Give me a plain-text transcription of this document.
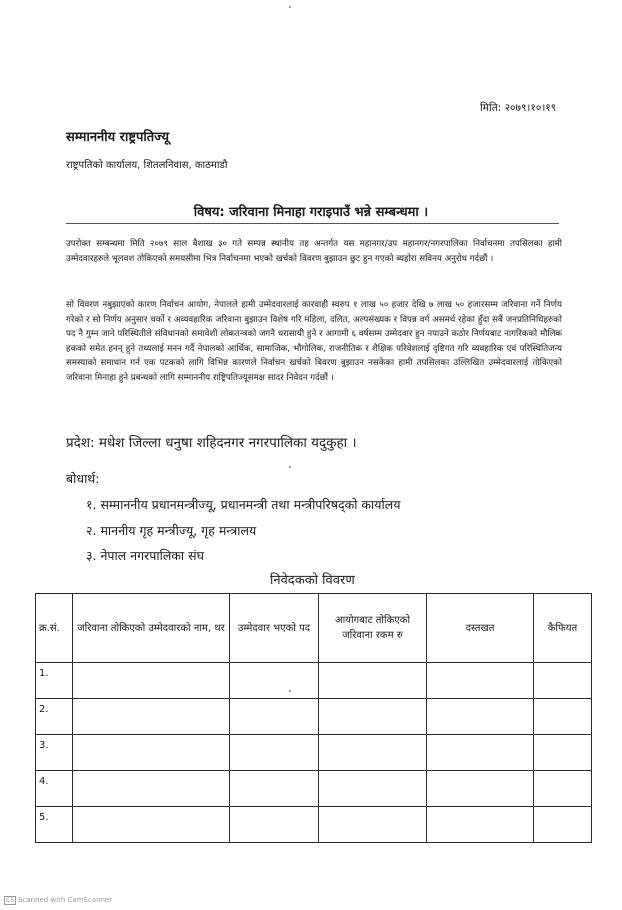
मिति: २०७९।१०।१९
सम्माननीय राष्ट्रपतिज्यू
राष्ट्रपतिको कार्यालय, शितलनिवास, काठमाडौ
विषय: जरिवाना मिनाहा गराइपाउँ भन्ने सम्बन्धमा ।
उपरोक्त सम्बन्धमा मिति २०७९ साल बैशाख ३० गते सम्पन्न स्थानीय तह अन्तर्गत यस महानगर/उप महानगर/नगरपालिका निर्वाचनमा तपसिलका हामी उम्मेदवारहरुले भूलवश तोकिएको समयसीमा भित्र निर्वाचनमा भएको खर्चको विवरण बुझाउन छुट हुन गएको ब्यहोरा सविनय अनुरोध गर्दछौं ।
सो विवरण नबुझाएको कारण निर्वाचन आयोग, नेपालले हामी उम्मेदवारलाई कारवाही स्वरुप १ लाख ५० हजार देखि ७ लाख ५० हजारसम्म जरिवाना गर्ने निर्णय गरेको र सो निर्णय अनुसार चर्को र अव्यवहारिक जरिवाना बुझाउन विशेष गरि महिला, दलित, अल्पसंख्यक र विपन्न वर्ग असमर्थ रहेका हुँदा सबैं जनप्रतिनिधिहरुको पद नै गुम्न जाने परिस्थितीले संविधानको समावेशी लोकतन्त्रको जगनै धरासायी हुने र आगामी ६ वर्षसम्म उम्मेदवार हुन नपाउने कठोर निर्णयबाट नागरिकको मौलिक हकको समेत हनन् हुने तथ्यलाई मनन गर्दै नेपालको आर्थिक, सामाजिक, भौगोलिक, राजनीतिक र शैक्षिक परिवेशलाई दृष्टिगत गरि व्यवहारिक एवं परिस्थितिजन्य समस्याको समाधान गर्न एक पटकको लागि विभिन्न कारणले निर्वाचन खर्चको बिवरण बुझाउन नसकेका हामी तपसिलका उल्लिखित उम्मेदवारलाई तोकिएको जरिवाना मिनाहा हुने प्रबन्धको लागि सम्माननीय राष्ट्रिपतिज्यूसमक्ष सादर निवेदन गर्दछौं ।
प्रदेश: मधेश जिल्ला धनुषा शहिदनगर नगरपालिका यदुकुहा ।
बोधार्थ:
१. सम्माननीय प्रधानमन्त्रीज्यू, प्रधानमन्त्री तथा मन्त्रीपरिषद्को कार्यालय
२. माननीय गृह मन्त्रीज्यू, गृह मन्त्रालय
३. नेपाल नगरपालिका संघ
निवेदकको विवरण
क्र.सं.	जरिवाना तोकिएको उम्मेदवारको नाम, थर	उम्मेदवार भएको पद	आयोगबाट तोकिएको जरिवाना रकम रु	दस्तखत	कैफियत
1.					
2.					
3.					
4.					
5.					
CS Scanned with CamScanner
